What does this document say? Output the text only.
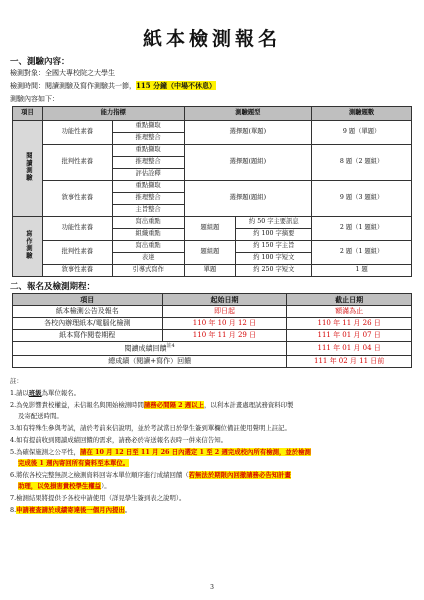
紙本檢測報名
一、測驗內容：
檢測對象：全國大專校院之大學生
檢測時間：閱讀測驗及寫作測驗共一節，115 分鐘（中場不休息）
測驗內容如下：
項目	能力指標		測驗題型		測驗題數
閱讀測驗	功能性素養	重點擷取	選擇題(單題)		9 題（單題）
		推理整合			
	批判性素養	重點擷取	選擇題(題組)		8 題（2 題組）
		推理整合			
		評估詮釋			
	敘事性素養	重點擷取	選擇題(題組)		9 題（3 題組）
		推理整合			
		主旨整合			
寫作測驗	功能性素養	寫出重點	題組題	約 50 字主要訊息	2 題（1 題組）
		組織重點		約 100 字摘要	
	批判性素養	寫出重點	題組題	約 150 字主旨	2 題（1 題組）
		表達		約 100 字短文	
	敘事性素養	引導式寫作	單題	約 250 字短文	1 題
二、報名及檢測期程：
項目	起始日期	截止日期
紙本檢測公告及報名	即日起	額滿為止
各校內辦理紙本/電腦化檢測	110 年 10 月 12 日	110 年 11 月 26 日
紙本寫作閱卷期程	110 年 11 月 29 日	111 年 01 月 07 日
閱讀成績回饋$^{註4}$		111 年 01 月 04 日
總成績（閱讀+寫作）回饋		111 年 02 月 11 日前
註：
1.請以班級為單位報名。
2.為免影響貴校權益，未信報名與開始檢測時間請務必間隔 2 週以上，以利本計畫處理試務資料印製
及寄配送時間。
3.如有特殊生參與考試，請於考前來信說明，並於考試當日於學生簽到單欄位備註使用聲明上註記。
4.如有提前收到閱讀成績回饋的需求，請務必於寄送報名表時一併來信告知。
5.為確保施測之公平性，請在 10 月 12 日至 11 月 26 日內選定 1 至 2 週完成校內所有檢測，並於檢測
完成後 1 週內寄回所有資料至本單位。
6.將依各校完整無誤之檢測資料回寄本單位順序進行成績回饋（若無法於期限內回撤請務必告知計畫
助理，以免損害貴校學生權益）。
7.檢測結果將提供予各校申請使用（詳見學生簽到表之說明）。
8.申請複查請於成績寄達後一個月內提出。
3
